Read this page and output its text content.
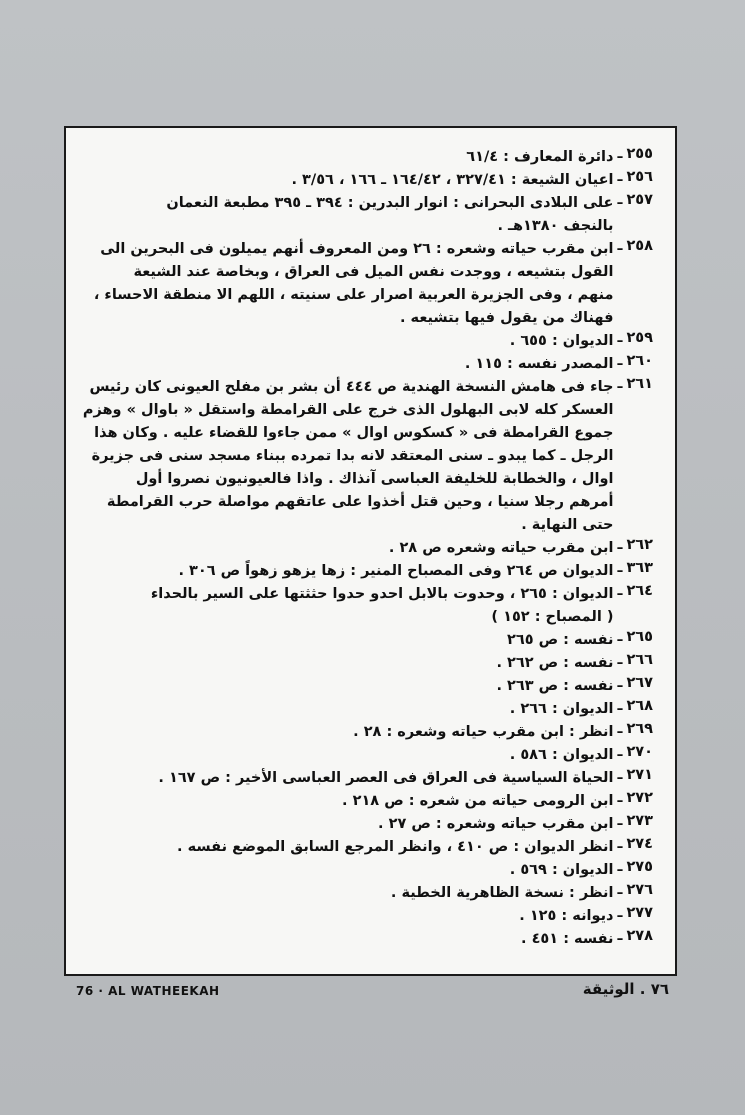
٢٥٥
ـ
دائرة المعارف : ٦١/٤
٢٥٦
ـ
اعيان الشيعة : ٣٢٧/٤١ ، ١٦٤/٤٢ ـ ١٦٦ ، ٣/٥٦ .
٢٥٧
ـ
على البلادى البحرانى : انوار البدرين : ٣٩٤ ـ ٣٩٥ مطبعة النعمان
بالنجف ١٣٨٠هـ .
٢٥٨
ـ
ابن مقرب حياته وشعره : ٢٦ ومن المعروف أنهم يميلون فى البحرين الى
القول بتشيعه ، ووجدت نفس الميل فى العراق ، وبخاصة عند الشيعة
منهم ، وفى الجزيرة العربية اصرار على سنيته ، اللهم الا منطقة الاحساء ،
فهناك من يقول فيها بتشيعه .
٢٥٩
ـ
الديوان : ٦٥٥ .
٢٦٠
ـ
المصدر نفسه : ١١٥ .
٢٦١
ـ
جاء فى هامش النسخة الهندية ص ٤٤٤ أن بشر بن مفلح العيونى كان رئيس
العسكر كله لابى البهلول الذى خرج على القرامطة واستقل « باوال » وهزم
جموع القرامطة فى « كسكوس اوال » ممن جاءوا للقضاء عليه . وكان هذا
الرجل ـ كما يبدو ـ سنى المعتقد لانه بدا تمرده ببناء مسجد سنى فى جزيرة
اوال ، والخطابة للخليفة العباسى آنذاك . واذا فالعيونيون نصروا أول
أمرهم رجلا سنيا ، وحين قتل أخذوا على عاتقهم مواصلة حرب القرامطة
حتى النهاية .
٢٦٢
ـ
ابن مقرب حياته وشعره ص ٢٨ .
٣٦٣
ـ
الديوان ص ٢٦٤ وفى المصباح المنير : زها يزهو زهواً ص ٣٠٦ .
٢٦٤
ـ
الديوان : ٢٦٥ ، وحدوت بالابل احدو حدوا حثثتها على السير بالحداء
( المصباح : ١٥٢ )
٢٦٥
ـ
نفسه : ص ٢٦٥
٢٦٦
ـ
نفسه : ص ٢٦٢ .
٢٦٧
ـ
نفسه : ص ٢٦٣ .
٢٦٨
ـ
الديوان : ٢٦٦ .
٢٦٩
ـ
انظر : ابن مقرب حياته وشعره : ٢٨ .
٢٧٠
ـ
الديوان : ٥٨٦ .
٢٧١
ـ
الحياة السياسية فى العراق فى العصر العباسى الأخير : ص ١٦٧ .
٢٧٢
ـ
ابن الرومى حياته من شعره : ص ٢١٨ .
٢٧٣
ـ
ابن مقرب حياته وشعره : ص ٢٧ .
٢٧٤
ـ
انظر الديوان : ص ٤١٠ ، وانظر المرجع السابق الموضع نفسه .
٢٧٥
ـ
الديوان : ٥٦٩ .
٢٧٦
ـ
انظر : نسخة الظاهرية الخطية .
٢٧٧
ـ
ديوانه : ١٢٥ .
٢٧٨
ـ
نفسه : ٤٥١ .
76 · AL WATHEEKAH	٧٦ . الوثيقة
